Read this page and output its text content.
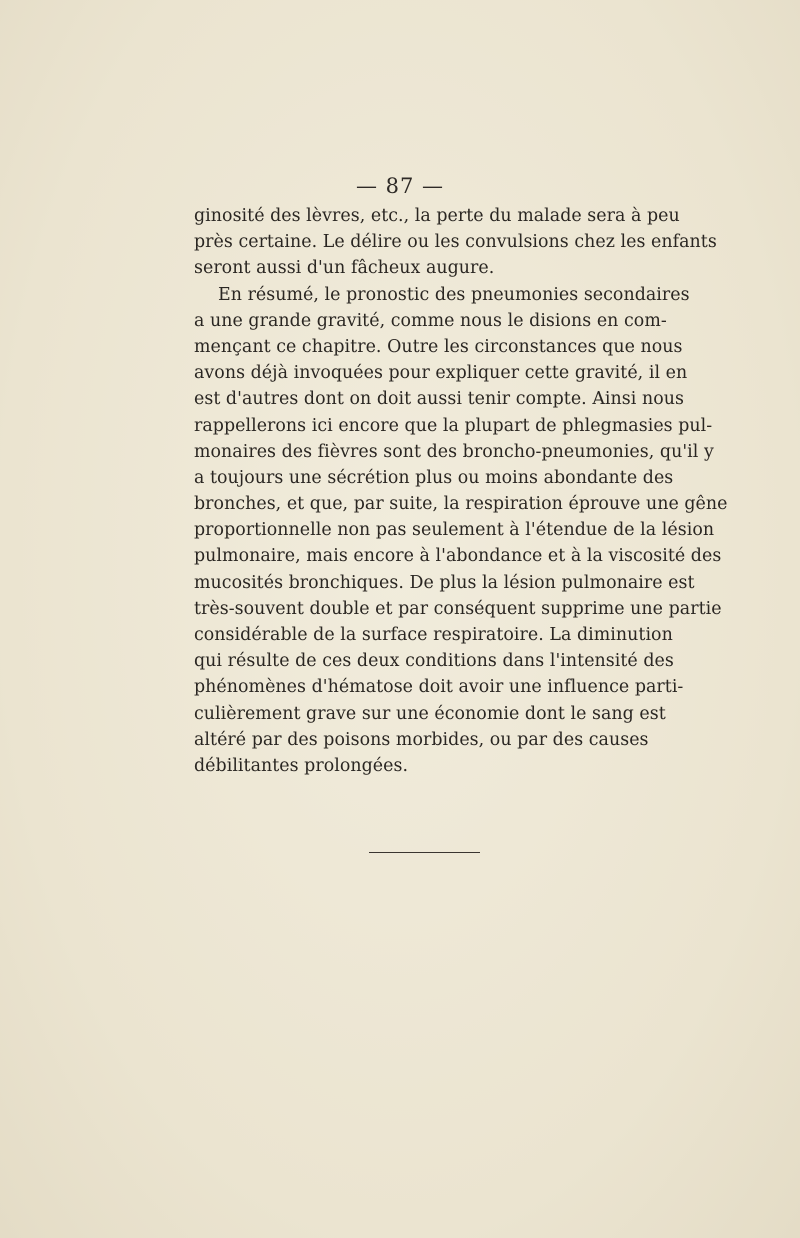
— 87 —
ginosité des lèvres, etc., la perte du malade sera à peu
près certaine. Le délire ou les convulsions chez les enfants
seront aussi d'un fâcheux augure.
En résumé, le pronostic des pneumonies secondaires
a une grande gravité, comme nous le disions en com-
mençant ce chapitre. Outre les circonstances que nous
avons déjà invoquées pour expliquer cette gravité, il en
est d'autres dont on doit aussi tenir compte. Ainsi nous
rappellerons ici encore que la plupart de phlegmasies pul-
monaires des fièvres sont des broncho-pneumonies, qu'il y
a toujours une sécrétion plus ou moins abondante des
bronches, et que, par suite, la respiration éprouve une gêne
proportionnelle non pas seulement à l'étendue de la lésion
pulmonaire, mais encore à l'abondance et à la viscosité des
mucosités bronchiques. De plus la lésion pulmonaire est
très-souvent double et par conséquent supprime une partie
considérable de la surface respiratoire. La diminution
qui résulte de ces deux conditions dans l'intensité des
phénomènes d'hématose doit avoir une influence parti-
culièrement grave sur une économie dont le sang est
altéré par des poisons morbides, ou par des causes
débilitantes prolongées.
